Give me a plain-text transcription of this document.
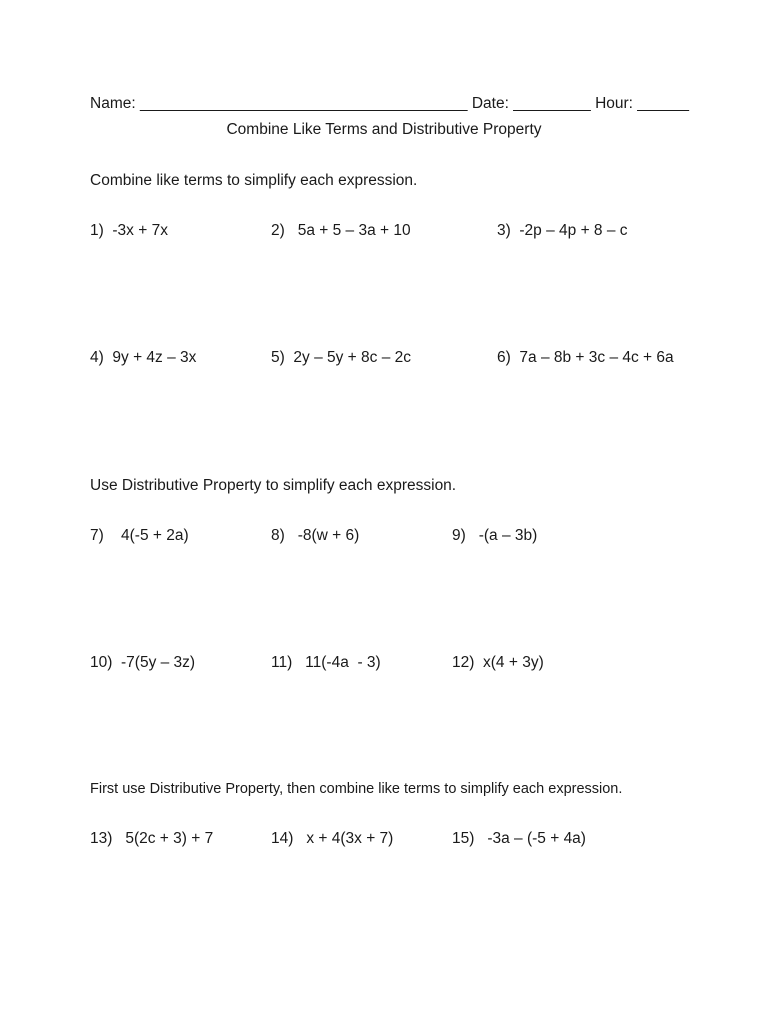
Name: ______________________________________ Date: _________ Hour: ______
Combine Like Terms and Distributive Property
Combine like terms to simplify each expression.
1)  -3x + 7x	2)   5a + 5 – 3a + 10	3)  -2p – 4p + 8 – c
4)  9y + 4z – 3x	5)  2y – 5y + 8c – 2c	6)  7a – 8b + 3c – 4c + 6a
Use Distributive Property to simplify each expression.
7)    4(-5 + 2a)	8)   -8(w + 6)	9)   -(a – 3b)
10)  -7(5y – 3z)	11)   11(-4a  - 3)	12)  x(4 + 3y)
First use Distributive Property, then combine like terms to simplify each expression.
13)   5(2c + 3) + 7	14)   x + 4(3x + 7)	15)   -3a – (-5 + 4a)
